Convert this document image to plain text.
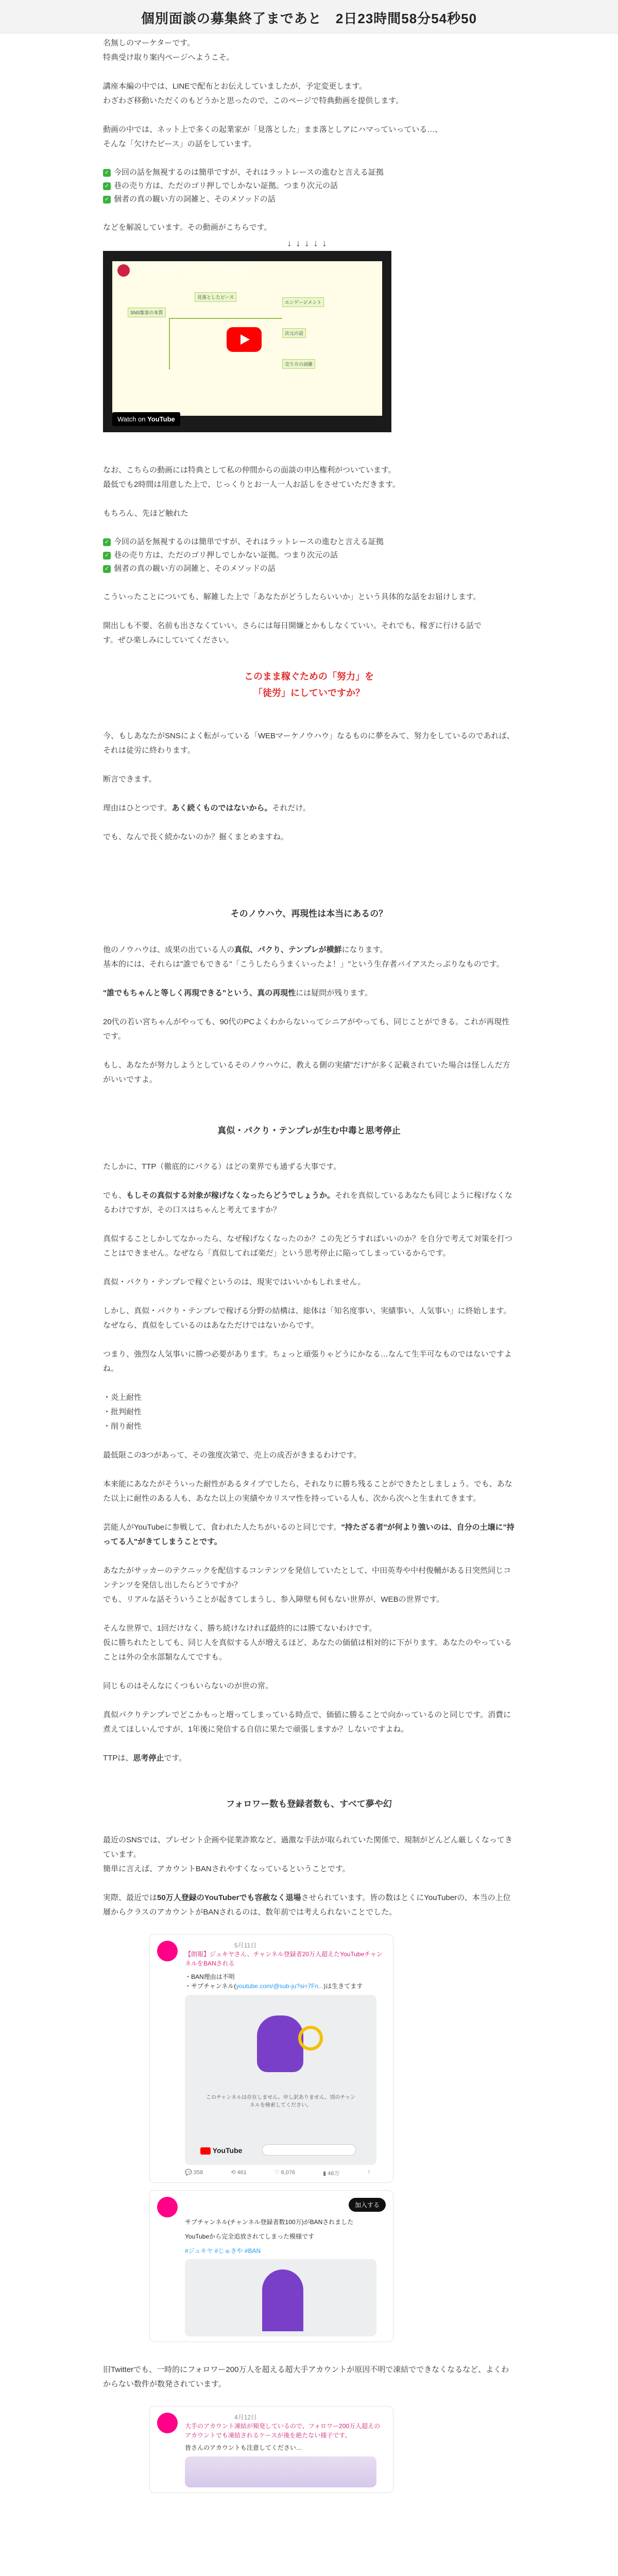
個別面談の募集終了まであと　2日23時間58分54秒50

名無しのマーケターです。

特典受け取り案内ページへようこそ。

講座本編の中では、LINEで配布とお伝えしていましたが、予定変更します。

わざわざ移動いただくのもどうかと思ったので、このページで特典動画を提供します。

動画の中では、ネット上で多くの起業家が「見落とした」まま落としアにハマっていっている…、

そんな「欠けたピース」の話をしています。

✓ 今回の話を無視するのは簡単ですが、それはラットレースの進むと言える証拠
✓ 巷の売り方は、ただのゴリ押しでしかない証拠。つまり次元の話
✓ 個者の真の観い方の詞雑と、そのメソッドの話

などを解説しています。その動画がこちらです。

↓↓↓↓↓
SNS集客の本質
見落としたピース
エンゲージメント
次元の話
売り方の詞雑
【無料】SNSマーケティング特典動画
Watch on YouTube

なお、こちらの動画には特典として私の仲間からの面談の申込権利がついています。

最低でも2時間は用意した上で、じっくりとお一人一人お話しをさせていただきます。

もちろん、先ほど触れた

✓ 今回の話を無視するのは簡単ですが、それはラットレースの進むと言える証拠
✓ 巷の売り方は、ただのゴリ押しでしかない証拠。つまり次元の話
✓ 個者の真の観い方の詞雑と、そのメソッドの話

こういったことについても、解雑した上で「あなたがどうしたらいいか」という具体的な話をお届けします。

開出しも不要、名前も出さなくていい。さらには毎日開嫌とかもしなくていい。それでも、稼ぎに行ける話で

す。ぜひ楽しみにしていてください。

このまま稼ぐための「努力」を
「徒労」にしていですか？

今、もしあなたがSNSによく転がっている「WEBマーケノウハウ」なるものに夢をみて、努力をしているのであれば、それは徒労に終わります。

断言できます。

理由はひとつです。あく続くものではないから。それだけ。

でも、なんで長く続かないのか？掘くまとめますね。

そのノウハウ、再現性は本当にあるの？

他のノウハウは、成果の出ている人の真似、パクり、テンプレが横鮮になります。

基本的には、それらは"誰でもできる"「こうしたらうまくいったよ！」"という生存者バイアスたっぷりなものです。

"誰でもちゃんと等しく再現できる"という、真の再現性には疑問が残ります。

20代の若い宮ちゃんがやっても、90代のPCよくわからないってシニアがやっても、同じことができる。これが再現性です。

もし、あなたが努力しようとしているそのノウハウに、教える側の実績"だけ"が多く記載されていた場合は怪しんだ方がいいですよ。

真似・パクり・テンプレが生む中毒と思考停止

たしかに、TTP（徹底的にパクる）はどの業界でも通ずる大事です。

でも、もしその真似する対象が稼げなくなったらどうでしょうか。それを真似しているあなたも同じように稼げなくなるわけですが、その口スはちゃんと考えてますか？

真似することしかしてなかったら、なぜ稼げなくなったのか？この先どうすればいいのか？を自分で考えて対策を打つことはできません。なぜなら「真似してれば楽だ」という思考停止に陥ってしまっているからです。

真似・パクり・テンプレで稼ぐというのは、現実ではいいかもしれません。

しかし、真似・パクり・テンプレで稼げる分野の結構は、総体は「知名度事い、実績事い、人気事い」に終始します。なぜなら、真似をしているのはあなただけではないからです。

つまり、強烈な人気事いに勝つ必要があります。ちょっと頑張りゃどうにかなる…なんて生半可なものではないですよね。

・炎上耐性

・批判耐性

・削り耐性

最低限この3つがあって、その強度次第で、売上の成否がきまるわけです。

本来能にあなたがそういった耐性があるタイプでしたら、それなりに勝ち残ることができたとしましょう。でも、あなた以上に耐性のある人も、あなた以上の実績やカリスマ性を持っている人も、次から次へと生まれてきます。

芸能人がYouTubeに参戦して、食われた人たちがいるのと同じです。"持たざる者"が何より強いのは、自分の土壌に"持ってる人"がきてしまうことです。

あなたがサッカーのテクニックを配信するコンテンツを発信していたとして、中田英寿や中村俊輔がある日突然同じコンテンツを発信し出したらどうですか？

でも、リアルな話そういうことが起きてしまうし、参入障壁も何もない世界が、WEBの世界です。

そんな世界で、1回だけなく、勝ち続けなければ最終的には勝てないわけです。

仮に勝ちれたとしても、同じ人を真似する人が増えるほど、あなたの価値は相対的に下がります。あなたのやっていることは外の全水部類なんてですも。

同じものはそんなにくつもいらないのが世の常。

真似パクりテンプレでどこかもっと増ってしまっている時点で、価値に勝ることで向かっているのと同じです。消費に煮えてほしいんですが、1年後に発信する自信に果たで頑張しますか？しないですよね。

TTPは、思考停止です。

フォロワー数も登録者数も、すべて夢や幻

最近のSNSでは、プレゼント企画や従業詐欺など、過激な手法が取られていた関係で、規制がどんどん厳しくなってきています。

簡単に言えば、アカウントBANされやすくなっているということです。

実際、最近では50万人登録のYouTuberでも容赦なく退場させられています。皆の数はとくにYouTuberの、本当の上位層からクラスのアカウントがBANされるのは、数年前では考えられないことでした。

　　　　　　　　5月11日
【朗報】ジュキヤさん、チャンネル登録者20万人超えたYouTubeチャンネルをBANされる
・BAN理由は不明
・サブチャンネル(youtube.com/@sub-ju?si=7Fn...)は生きてます
このチャンネルは存在しません。申し訳ありません。別のチャンネルを検索してください。
YouTube
💬 358	⟲ 461	♡ 6,076	▮ 46万	↑
加入する
サブチャンネル(チャンネル登録者数100万)がBANされました
YouTubeから完全追放されてしまった模様です
#ジュキヤ #じゅきや #BAN

旧Twitterでも、一時的にフォロワー200万人を超える超大手アカウントが原因不明で凍結でできなくなるなど、よくわからない数件が数発されています。

　　　　　　　　4月12日
大手のアカウント凍結が頻発しているので、フォロワー200万人超えのアカウントでも凍結されるケースが後を絶たない様子です。
皆さんのアカウントも注意してください…
